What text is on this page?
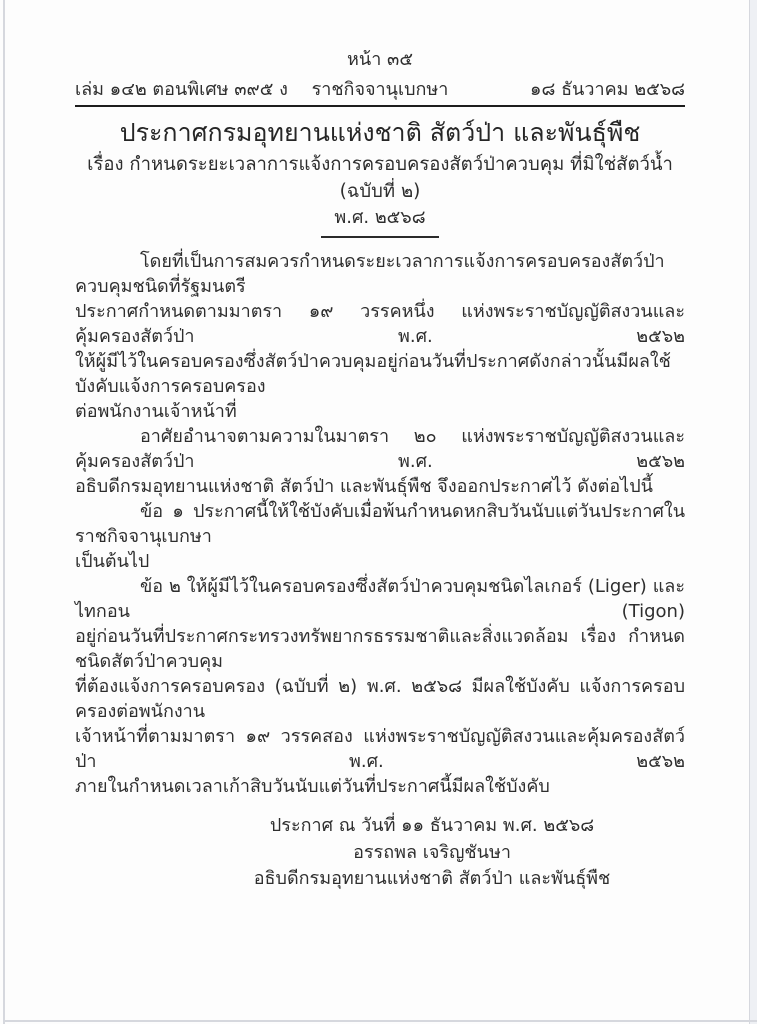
หน้า ๓๕
เล่ม ๑๔๒ ตอนพิเศษ ๓๙๕ ง	ราชกิจจานุเบกษา	๑๘ ธันวาคม ๒๕๖๘
ประกาศกรมอุทยานแห่งชาติ สัตว์ป่า และพันธุ์พืช
เรื่อง กำหนดระยะเวลาการแจ้งการครอบครองสัตว์ป่าควบคุม ที่มิใช่สัตว์น้ำ (ฉบับที่ ๒)
พ.ศ. ๒๕๖๘
โดยที่เป็นการสมควรกำหนดระยะเวลาการแจ้งการครอบครองสัตว์ป่าควบคุมชนิดที่รัฐมนตรี
ประกาศกำหนดตามมาตรา ๑๙ วรรคหนึ่ง แห่งพระราชบัญญัติสงวนและคุ้มครองสัตว์ป่า พ.ศ. ๒๕๖๒
ให้ผู้มีไว้ในครอบครองซึ่งสัตว์ป่าควบคุมอยู่ก่อนวันที่ประกาศดังกล่าวนั้นมีผลใช้บังคับแจ้งการครอบครอง
ต่อพนักงานเจ้าหน้าที่
อาศัยอำนาจตามความในมาตรา ๒๐ แห่งพระราชบัญญัติสงวนและคุ้มครองสัตว์ป่า พ.ศ. ๒๕๖๒
อธิบดีกรมอุทยานแห่งชาติ สัตว์ป่า และพันธุ์พืช จึงออกประกาศไว้ ดังต่อไปนี้
ข้อ ๑ ประกาศนี้ให้ใช้บังคับเมื่อพ้นกำหนดหกสิบวันนับแต่วันประกาศในราชกิจจานุเบกษา
เป็นต้นไป
ข้อ ๒ ให้ผู้มีไว้ในครอบครองซึ่งสัตว์ป่าควบคุมชนิดไลเกอร์ (Liger) และไทกอน (Tigon)
อยู่ก่อนวันที่ประกาศกระทรวงทรัพยากรธรรมชาติและสิ่งแวดล้อม เรื่อง กำหนดชนิดสัตว์ป่าควบคุม
ที่ต้องแจ้งการครอบครอง (ฉบับที่ ๒) พ.ศ. ๒๕๖๘ มีผลใช้บังคับ แจ้งการครอบครองต่อพนักงาน
เจ้าหน้าที่ตามมาตรา ๑๙ วรรคสอง แห่งพระราชบัญญัติสงวนและคุ้มครองสัตว์ป่า พ.ศ. ๒๕๖๒
ภายในกำหนดเวลาเก้าสิบวันนับแต่วันที่ประกาศนี้มีผลใช้บังคับ
ประกาศ ณ วันที่ ๑๑ ธันวาคม พ.ศ. ๒๕๖๘
อรรถพล เจริญชันษา
อธิบดีกรมอุทยานแห่งชาติ สัตว์ป่า และพันธุ์พืช
